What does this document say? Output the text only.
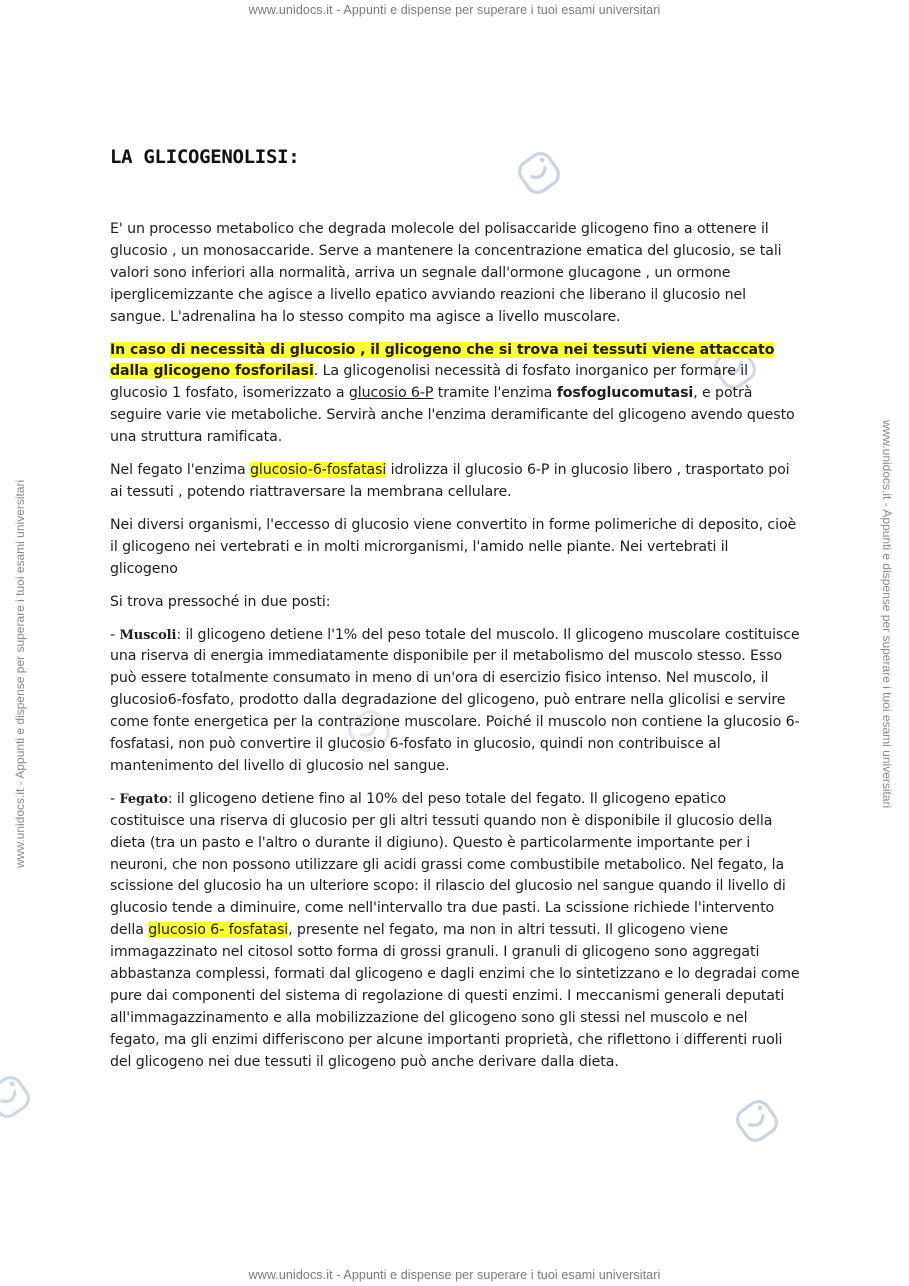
www.unidocs.it - Appunti e dispense per superare i tuoi esami universitari
www.unidocs.it - Appunti e dispense per superare i tuoi esami universitari
www.unidocs.it - Appunti e dispense per superare i tuoi esami universitari	www.unidocs.it - Appunti e dispense per superare i tuoi esami universitari
LA GLICOGENOLISI:

E' un processo metabolico che degrada molecole del polisaccaride glicogeno fino a ottenere il glucosio , un monosaccaride. Serve a mantenere la concentrazione ematica del glucosio, se tali valori sono inferiori alla normalità, arriva un segnale dall'ormone glucagone , un ormone iperglicemizzante che agisce a livello epatico avviando reazioni che liberano il glucosio nel sangue. L'adrenalina ha lo stesso compito ma agisce a livello muscolare.

In caso di necessità di glucosio , il glicogeno che si trova nei tessuti viene attaccato dalla glicogeno fosforilasi. La glicogenolisi necessità di fosfato inorganico per formare il glucosio 1 fosfato, isomerizzato a glucosio 6-P tramite l'enzima fosfoglucomutasi, e potrà seguire varie vie metaboliche. Servirà anche l'enzima deramificante del glicogeno avendo questo una struttura ramificata.

Nel fegato l'enzima glucosio-6-fosfatasi idrolizza il glucosio 6-P in glucosio libero , trasportato poi ai tessuti , potendo riattraversare la membrana cellulare.

Nei diversi organismi, l'eccesso di glucosio viene convertito in forme polimeriche di deposito, cioè il glicogeno nei vertebrati e in molti microrganismi, l'amido nelle piante. Nei vertebrati il glicogeno

Si trova pressoché in due posti:

- Muscoli: il glicogeno detiene l'1% del peso totale del muscolo. Il glicogeno muscolare costituisce una riserva di energia immediatamente disponibile per il metabolismo del muscolo stesso. Esso può essere totalmente consumato in meno di un'ora di esercizio fisico intenso. Nel muscolo, il glucosio6-fosfato, prodotto dalla degradazione del glicogeno, può entrare nella glicolisi e servire come fonte energetica per la contrazione muscolare. Poiché il muscolo non contiene la glucosio 6-fosfatasi, non può convertire il glucosio 6-fosfato in glucosio, quindi non contribuisce al mantenimento del livello di glucosio nel sangue.

- Fegato: il glicogeno detiene fino al 10% del peso totale del fegato. Il glicogeno epatico costituisce una riserva di glucosio per gli altri tessuti quando non è disponibile il glucosio della dieta (tra un pasto e l'altro o durante il digiuno). Questo è particolarmente importante per i neuroni, che non possono utilizzare gli acidi grassi come combustibile metabolico. Nel fegato, la scissione del glucosio ha un ulteriore scopo: il rilascio del glucosio nel sangue quando il livello di glucosio tende a diminuire, come nell'intervallo tra due pasti. La scissione richiede l'intervento della glucosio 6- fosfatasi, presente nel fegato, ma non in altri tessuti. Il glicogeno viene immagazzinato nel citosol sotto forma di grossi granuli. I granuli di glicogeno sono aggregati abbastanza complessi, formati dal glicogeno e dagli enzimi che lo sintetizzano e lo degradai come pure dai componenti del sistema di regolazione di questi enzimi. I meccanismi generali deputati all'immagazzinamento e alla mobilizzazione del glicogeno sono gli stessi nel muscolo e nel fegato, ma gli enzimi differiscono per alcune importanti proprietà, che riflettono i differenti ruoli del glicogeno nei due tessuti il glicogeno può anche derivare dalla dieta.
